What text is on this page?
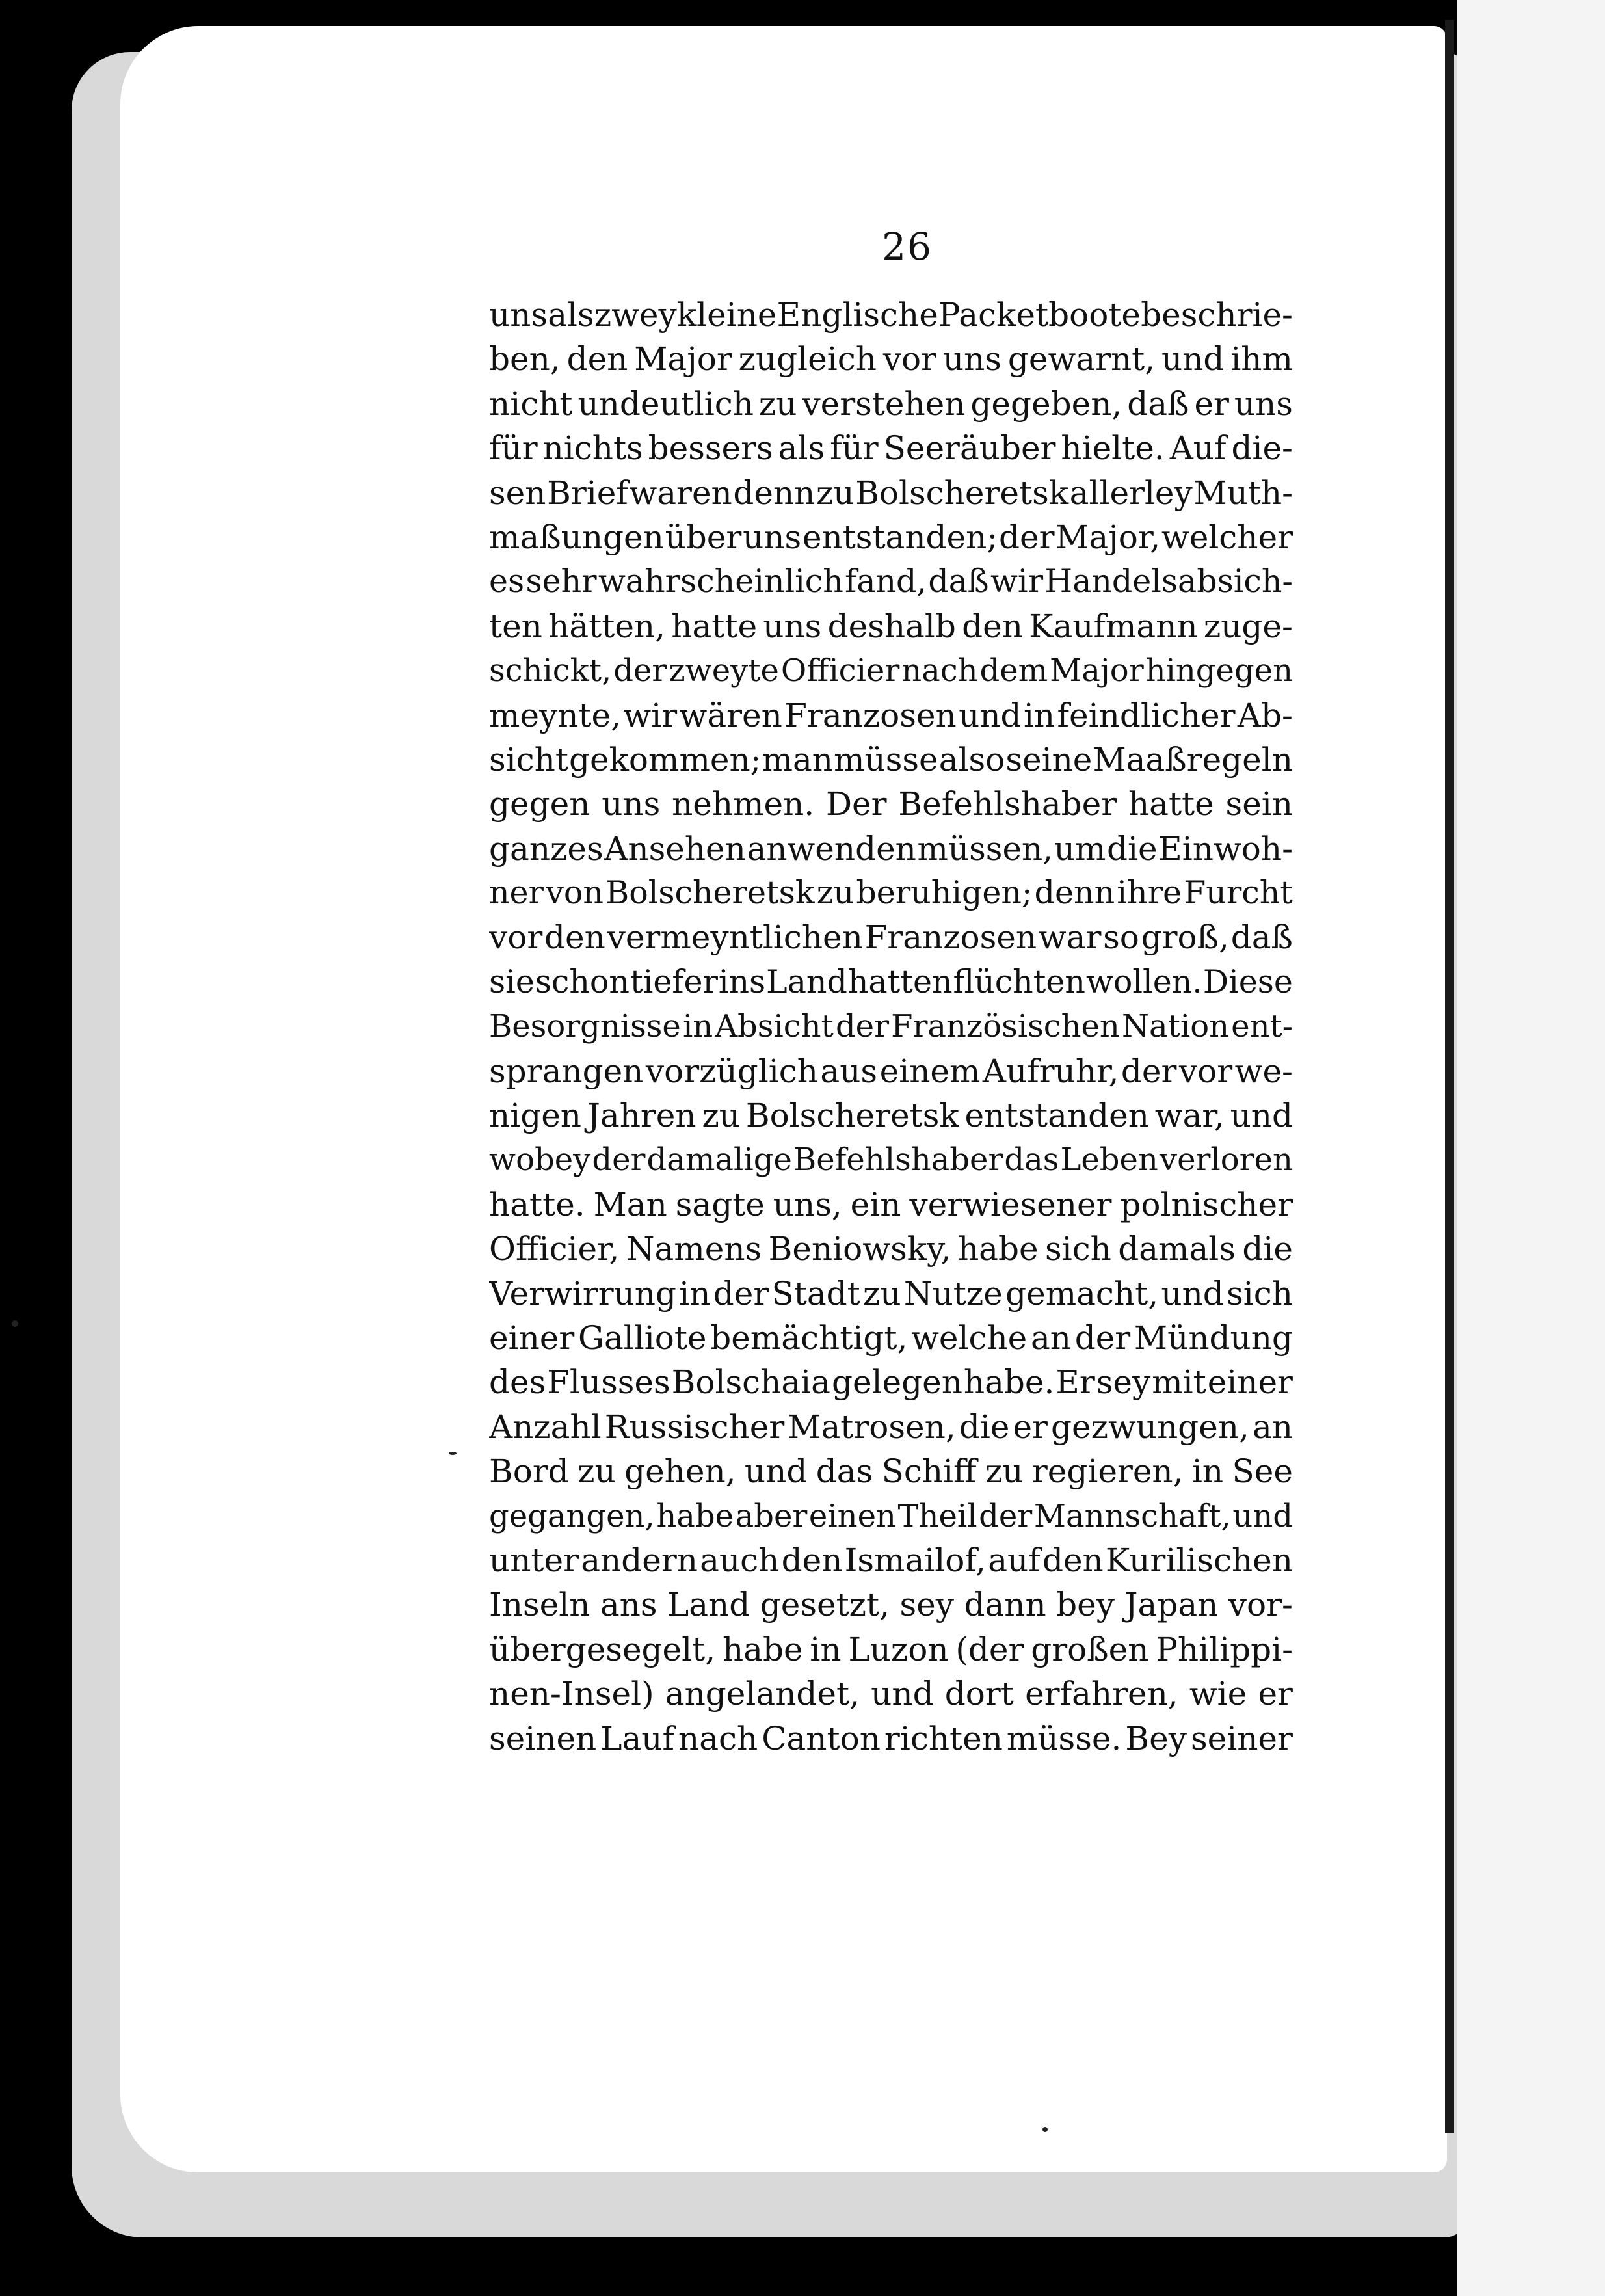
26
uns als zwey kleine Englische Packetboote beschrie-
ben, den Major zugleich vor uns gewarnt, und ihm
nicht undeutlich zu verstehen gegeben, daß er uns
für nichts bessers als für Seeräuber hielte. Auf die-
sen Brief waren denn zu Bolscheretsk allerley Muth-
maßungen über uns entstanden; der Major, welcher
es sehr wahrscheinlich fand, daß wir Handelsabsich-
ten hätten, hatte uns deshalb den Kaufmann zuge-
schickt, der zweyte Officier nach dem Major hingegen
meynte, wir wären Franzosen und in feindlicher Ab-
sicht gekommen; man müsse also seine Maaßregeln
gegen uns nehmen. Der Befehlshaber hatte sein
ganzes Ansehen anwenden müssen, um die Einwoh-
ner von Bolscheretsk zu beruhigen; denn ihre Furcht
vor den vermeyntlichen Franzosen war so groß, daß
sie schon tiefer ins Land hatten flüchten wollen. Diese
Besorgnisse in Absicht der Französischen Nation ent-
sprangen vorzüglich aus einem Aufruhr, der vor we-
nigen Jahren zu Bolscheretsk entstanden war, und
wobey der damalige Befehlshaber das Leben verloren
hatte. Man sagte uns, ein verwiesener polnischer
Officier, Namens Beniowsky, habe sich damals die
Verwirrung in der Stadt zu Nutze gemacht, und sich
einer Galliote bemächtigt, welche an der Mündung
des Flusses Bolschaia gelegen habe. Er sey mit einer
Anzahl Russischer Matrosen, die er gezwungen, an
Bord zu gehen, und das Schiff zu regieren, in See
gegangen, habe aber einen Theil der Mannschaft, und
unter andern auch den Ismailof, auf den Kurilischen
Inseln ans Land gesetzt, sey dann bey Japan vor-
übergesegelt, habe in Luzon (der großen Philippi-
nen-Insel) angelandet, und dort erfahren, wie er
seinen Lauf nach Canton richten müsse. Bey seiner
